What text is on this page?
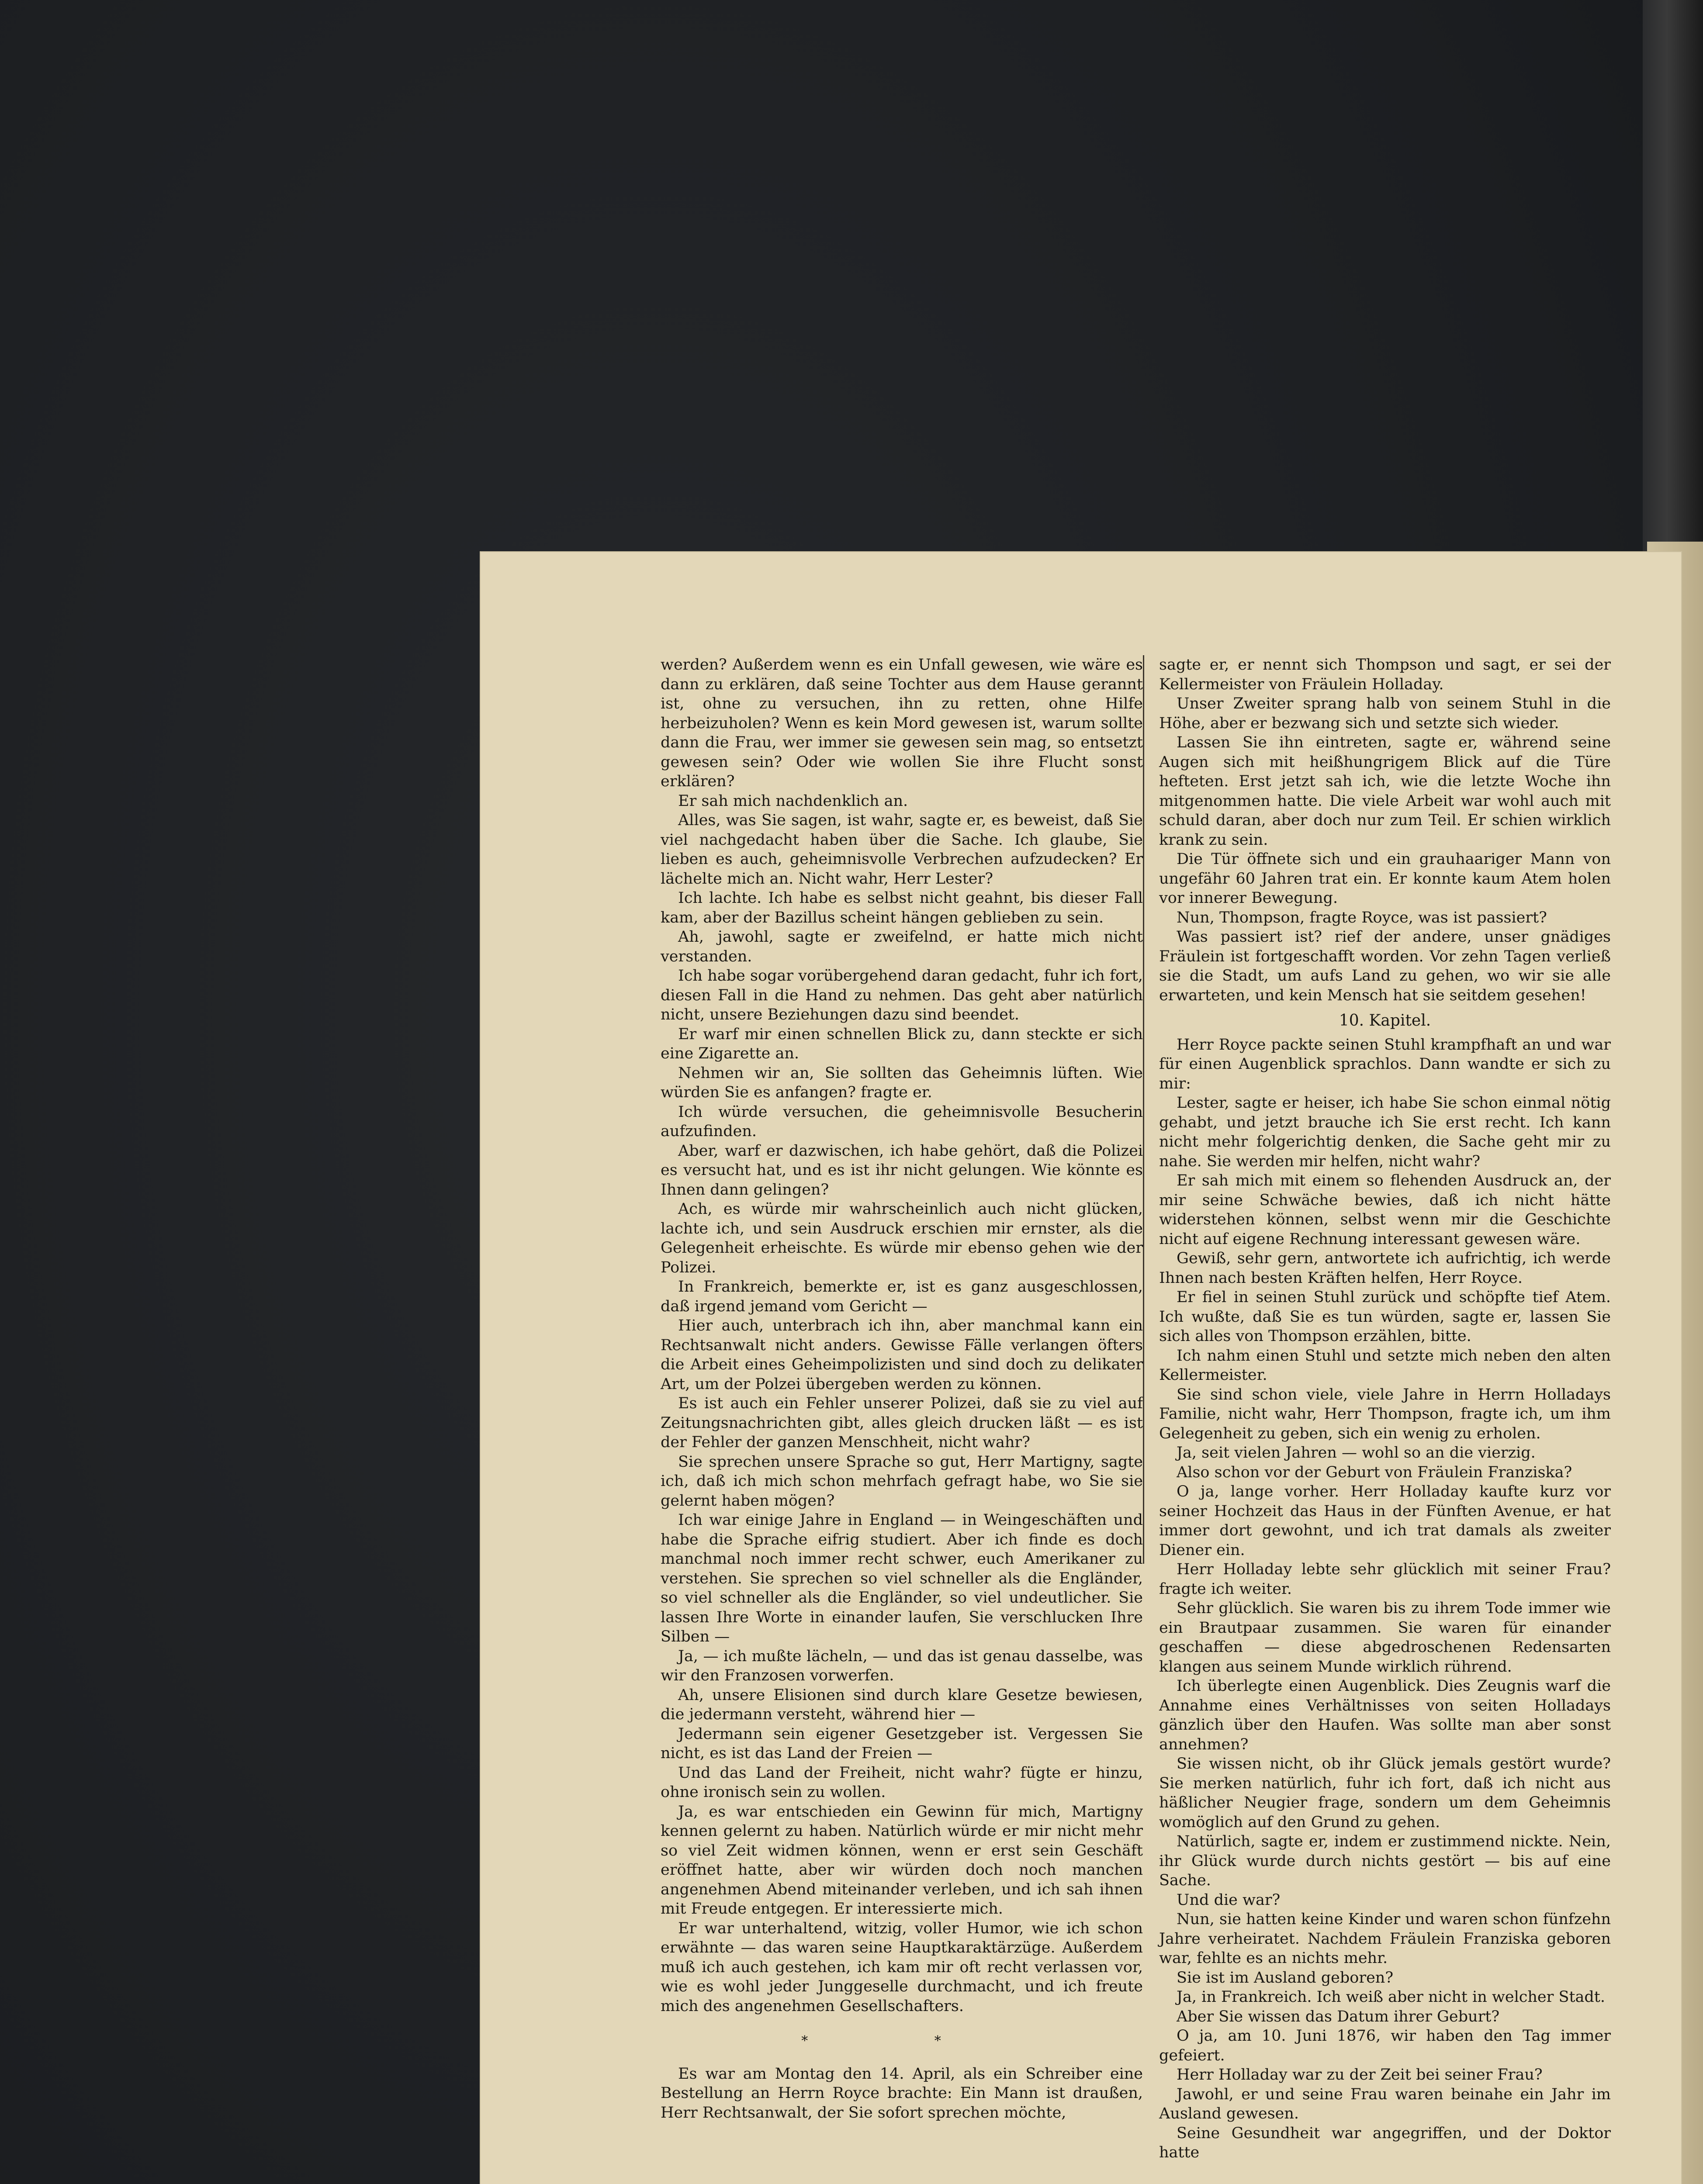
werden? Außerdem wenn es ein Unfall gewesen, wie wäre es dann zu erklären, daß seine Tochter aus dem Hause gerannt ist, ohne zu versuchen, ihn zu retten, ohne Hilfe herbeizuholen? Wenn es kein Mord gewesen ist, warum sollte dann die Frau, wer immer sie gewesen sein mag, so entsetzt gewesen sein? Oder wie wollen Sie ihre Flucht sonst erklären?

Er sah mich nachdenklich an.

Alles, was Sie sagen, ist wahr, sagte er, es beweist, daß Sie viel nachgedacht haben über die Sache. Ich glaube, Sie lieben es auch, geheimnisvolle Verbrechen aufzudecken? Er lächelte mich an. Nicht wahr, Herr Lester?

Ich lachte. Ich habe es selbst nicht geahnt, bis dieser Fall kam, aber der Bazillus scheint hängen geblieben zu sein.

Ah, jawohl, sagte er zweifelnd, er hatte mich nicht verstanden.

Ich habe sogar vorübergehend daran gedacht, fuhr ich fort, diesen Fall in die Hand zu nehmen. Das geht aber natürlich nicht, unsere Beziehungen dazu sind beendet.

Er warf mir einen schnellen Blick zu, dann steckte er sich eine Zigarette an.

Nehmen wir an, Sie sollten das Geheimnis lüften. Wie würden Sie es anfangen? fragte er.

Ich würde versuchen, die geheimnisvolle Besucherin aufzufinden.

Aber, warf er dazwischen, ich habe gehört, daß die Polizei es versucht hat, und es ist ihr nicht gelungen. Wie könnte es Ihnen dann gelingen?

Ach, es würde mir wahrscheinlich auch nicht glücken, lachte ich, und sein Ausdruck erschien mir ernster, als die Gelegenheit erheischte. Es würde mir ebenso gehen wie der Polizei.

In Frankreich, bemerkte er, ist es ganz ausgeschlossen, daß irgend jemand vom Gericht —

Hier auch, unterbrach ich ihn, aber manchmal kann ein Rechtsanwalt nicht anders. Gewisse Fälle verlangen öfters die Arbeit eines Geheimpolizisten und sind doch zu delikater Art, um der Polzei übergeben werden zu können.

Es ist auch ein Fehler unserer Polizei, daß sie zu viel auf Zeitungsnachrichten gibt, alles gleich drucken läßt — es ist der Fehler der ganzen Menschheit, nicht wahr?

Sie sprechen unsere Sprache so gut, Herr Martigny, sagte ich, daß ich mich schon mehrfach gefragt habe, wo Sie sie gelernt haben mögen?

Ich war einige Jahre in England — in Weingeschäften und habe die Sprache eifrig studiert. Aber ich finde es doch manchmal noch immer recht schwer, euch Amerikaner zu verstehen. Sie sprechen so viel schneller als die Engländer, so viel schneller als die Engländer, so viel undeutlicher. Sie lassen Ihre Worte in einander laufen, Sie verschlucken Ihre Silben —

Ja, — ich mußte lächeln, — und das ist genau dasselbe, was wir den Franzosen vorwerfen.

Ah, unsere Elisionen sind durch klare Gesetze bewiesen, die jedermann versteht, während hier —

Jedermann sein eigener Gesetzgeber ist. Vergessen Sie nicht, es ist das Land der Freien —

Und das Land der Freiheit, nicht wahr? fügte er hinzu, ohne ironisch sein zu wollen.

Ja, es war entschieden ein Gewinn für mich, Martigny kennen gelernt zu haben. Natürlich würde er mir nicht mehr so viel Zeit widmen können, wenn er erst sein Geschäft eröffnet hatte, aber wir würden doch noch manchen angenehmen Abend miteinander verleben, und ich sah ihnen mit Freude entgegen. Er interessierte mich.

Er war unterhaltend, witzig, voller Humor, wie ich schon erwähnte — das waren seine Hauptkaraktärzüge. Außerdem muß ich auch gestehen, ich kam mir oft recht verlassen vor, wie es wohl jeder Junggeselle durchmacht, und ich freute mich des angenehmen Gesellschafters.

* *

Es war am Montag den 14. April, als ein Schreiber eine Bestellung an Herrn Royce brachte: Ein Mann ist draußen, Herr Rechtsanwalt, der Sie sofort sprechen möchte,

sagte er, er nennt sich Thompson und sagt, er sei der Kellermeister von Fräulein Holladay.

Unser Zweiter sprang halb von seinem Stuhl in die Höhe, aber er bezwang sich und setzte sich wieder.

Lassen Sie ihn eintreten, sagte er, während seine Augen sich mit heißhungrigem Blick auf die Türe hefteten. Erst jetzt sah ich, wie die letzte Woche ihn mitgenommen hatte. Die viele Arbeit war wohl auch mit schuld daran, aber doch nur zum Teil. Er schien wirklich krank zu sein.

Die Tür öffnete sich und ein grauhaariger Mann von ungefähr 60 Jahren trat ein. Er konnte kaum Atem holen vor innerer Bewegung.

Nun, Thompson, fragte Royce, was ist passiert?

Was passiert ist? rief der andere, unser gnädiges Fräulein ist fortgeschafft worden. Vor zehn Tagen verließ sie die Stadt, um aufs Land zu gehen, wo wir sie alle erwarteten, und kein Mensch hat sie seitdem gesehen!

10. Kapitel.

Herr Royce packte seinen Stuhl krampfhaft an und war für einen Augenblick sprachlos. Dann wandte er sich zu mir:

Lester, sagte er heiser, ich habe Sie schon einmal nötig gehabt, und jetzt brauche ich Sie erst recht. Ich kann nicht mehr folgerichtig denken, die Sache geht mir zu nahe. Sie werden mir helfen, nicht wahr?

Er sah mich mit einem so flehenden Ausdruck an, der mir seine Schwäche bewies, daß ich nicht hätte widerstehen können, selbst wenn mir die Geschichte nicht auf eigene Rechnung interessant gewesen wäre.

Gewiß, sehr gern, antwortete ich aufrichtig, ich werde Ihnen nach besten Kräften helfen, Herr Royce.

Er fiel in seinen Stuhl zurück und schöpfte tief Atem. Ich wußte, daß Sie es tun würden, sagte er, lassen Sie sich alles von Thompson erzählen, bitte.

Ich nahm einen Stuhl und setzte mich neben den alten Kellermeister.

Sie sind schon viele, viele Jahre in Herrn Holladays Familie, nicht wahr, Herr Thompson, fragte ich, um ihm Gelegenheit zu geben, sich ein wenig zu erholen.

Ja, seit vielen Jahren — wohl so an die vierzig.

Also schon vor der Geburt von Fräulein Franziska?

O ja, lange vorher. Herr Holladay kaufte kurz vor seiner Hochzeit das Haus in der Fünften Avenue, er hat immer dort gewohnt, und ich trat damals als zweiter Diener ein.

Herr Holladay lebte sehr glücklich mit seiner Frau? fragte ich weiter.

Sehr glücklich. Sie waren bis zu ihrem Tode immer wie ein Brautpaar zusammen. Sie waren für einander geschaffen — diese abgedroschenen Redensarten klangen aus seinem Munde wirklich rührend.

Ich überlegte einen Augenblick. Dies Zeugnis warf die Annahme eines Verhältnisses von seiten Holladays gänzlich über den Haufen. Was sollte man aber sonst annehmen?

Sie wissen nicht, ob ihr Glück jemals gestört wurde? Sie merken natürlich, fuhr ich fort, daß ich nicht aus häßlicher Neugier frage, sondern um dem Geheimnis womöglich auf den Grund zu gehen.

Natürlich, sagte er, indem er zustimmend nickte. Nein, ihr Glück wurde durch nichts gestört — bis auf eine Sache.

Und die war?

Nun, sie hatten keine Kinder und waren schon fünfzehn Jahre verheiratet. Nachdem Fräulein Franziska geboren war, fehlte es an nichts mehr.

Sie ist im Ausland geboren?

Ja, in Frankreich. Ich weiß aber nicht in welcher Stadt.

Aber Sie wissen das Datum ihrer Geburt?

O ja, am 10. Juni 1876, wir haben den Tag immer gefeiert.

Herr Holladay war zu der Zeit bei seiner Frau?

Jawohl, er und seine Frau waren beinahe ein Jahr im Ausland gewesen.

Seine Gesundheit war angegriffen, und der Doktor hatte
